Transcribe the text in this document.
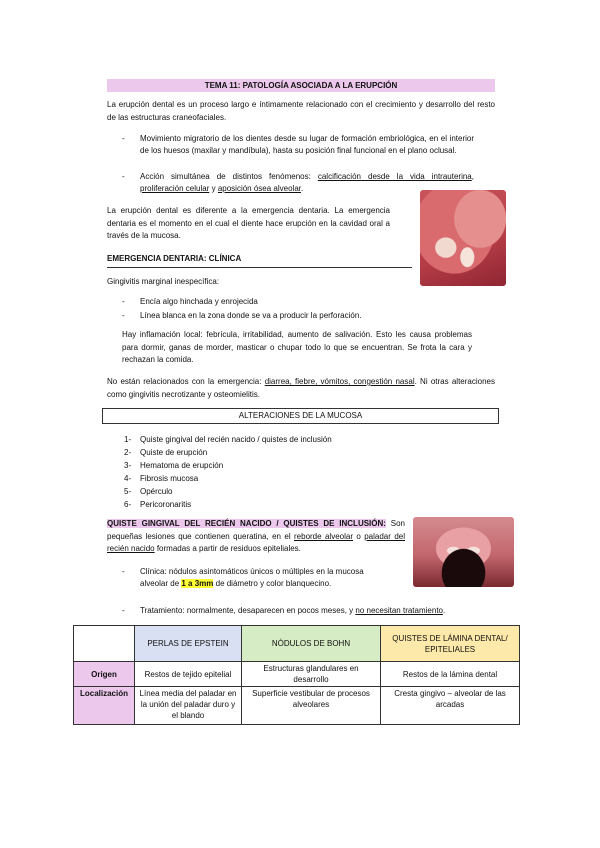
TEMA 11: PATOLOGÍA ASOCIADA A LA ERUPCIÓN
La erupción dental es un proceso largo e íntimamente relacionado con el crecimiento y desarrollo del resto de las estructuras craneofaciales.
- Movimiento migratorio de los dientes desde su lugar de formación embriológica, en el interior de los huesos (maxilar y mandíbula), hasta su posición final funcional en el plano oclusal.
- Acción simultánea de distintos fenómenos: calcificación desde la vida intrauterina, proliferación celular y aposición ósea alveolar.
La erupción dental es diferente a la emergencia dentaria. La emergencia dentaria es el momento en el cual el diente hace erupción en la cavidad oral a través de la mucosa.
EMERGENCIA DENTARIA: CLÍNICA
Gingivitis marginal inespecífica:
- Encía algo hinchada y enrojecida
- Línea blanca en la zona donde se va a producir la perforación.
Hay inflamación local: febrícula, irritabilidad, aumento de salivación. Esto les causa problemas para dormir, ganas de morder, masticar o chupar todo lo que se encuentran. Se frota la cara y rechazan la comida.
No están relacionados con la emergencia: diarrea, fiebre, vómitos, congestión nasal. Ni otras alteraciones como gingivitis necrotizante y osteomielitis.
ALTERACIONES DE LA MUCOSA
1- Quiste gingival del recién nacido / quistes de inclusión
2- Quiste de erupción
3- Hematoma de erupción
4- Fibrosis mucosa
5- Opérculo
6- Pericoronaritis
QUISTE GINGIVAL DEL RECIÉN NACIDO / QUISTES DE INCLUSIÓN: Son pequeñas lesiones que contienen queratina, en el reborde alveolar o paladar del recién nacido formadas a partir de residuos epiteliales.
- Clínica: nódulos asintomáticos únicos o múltiples en la mucosa alveolar de 1 a 3mm de diámetro y color blanquecino.
- Tratamiento: normalmente, desaparecen en pocos meses, y no necesitan tratamiento.
	PERLAS DE EPSTEIN	NÓDULOS DE BOHN	QUISTES DE LÁMINA DENTAL/ EPITELIALES
Origen	Restos de tejido epitelial	Estructuras glandulares en desarrollo	Restos de la lámina dental
Localización	Línea media del paladar en la unión del paladar duro y el blando	Superficie vestibular de procesos alveolares	Cresta gingivo – alveolar de las arcadas
